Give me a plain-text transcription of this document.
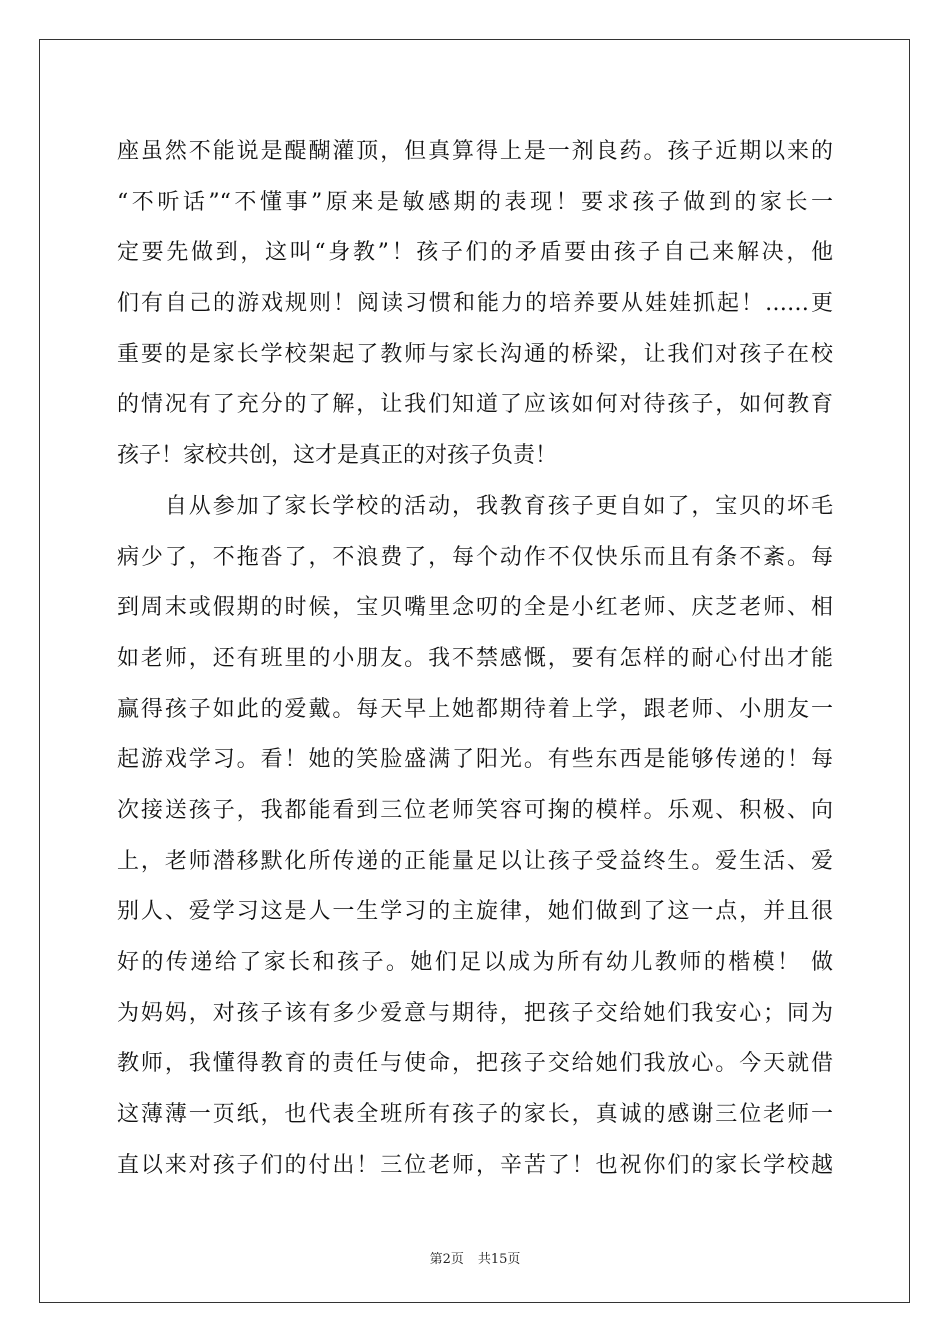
座虽然不能说是醍醐灌顶，但真算得上是一剂良药。孩子近期以来的
“不听话”“不懂事”原来是敏感期的表现！要求孩子做到的家长一
定要先做到，这叫“身教”！孩子们的矛盾要由孩子自己来解决，他
们有自己的游戏规则！阅读习惯和能力的培养要从娃娃抓起！……更
重要的是家长学校架起了教师与家长沟通的桥梁，让我们对孩子在校
的情况有了充分的了解，让我们知道了应该如何对待孩子，如何教育
孩子！家校共创，这才是真正的对孩子负责！
　　自从参加了家长学校的活动，我教育孩子更自如了，宝贝的坏毛
病少了，不拖沓了，不浪费了，每个动作不仅快乐而且有条不紊。每
到周末或假期的时候，宝贝嘴里念叨的全是小红老师、庆芝老师、相
如老师，还有班里的小朋友。我不禁感慨，要有怎样的耐心付出才能
赢得孩子如此的爱戴。每天早上她都期待着上学，跟老师、小朋友一
起游戏学习。看！她的笑脸盛满了阳光。有些东西是能够传递的！每
次接送孩子，我都能看到三位老师笑容可掬的模样。乐观、积极、向
上，老师潜移默化所传递的正能量足以让孩子受益终生。爱生活、爱
别人、爱学习这是人一生学习的主旋律，她们做到了这一点，并且很
好的传递给了家长和孩子。她们足以成为所有幼儿教师的楷模！ 做
为妈妈，对孩子该有多少爱意与期待，把孩子交给她们我安心；同为
教师，我懂得教育的责任与使命，把孩子交给她们我放心。今天就借
这薄薄一页纸，也代表全班所有孩子的家长，真诚的感谢三位老师一
直以来对孩子们的付出！三位老师，辛苦了！也祝你们的家长学校越
第2页 共15页
